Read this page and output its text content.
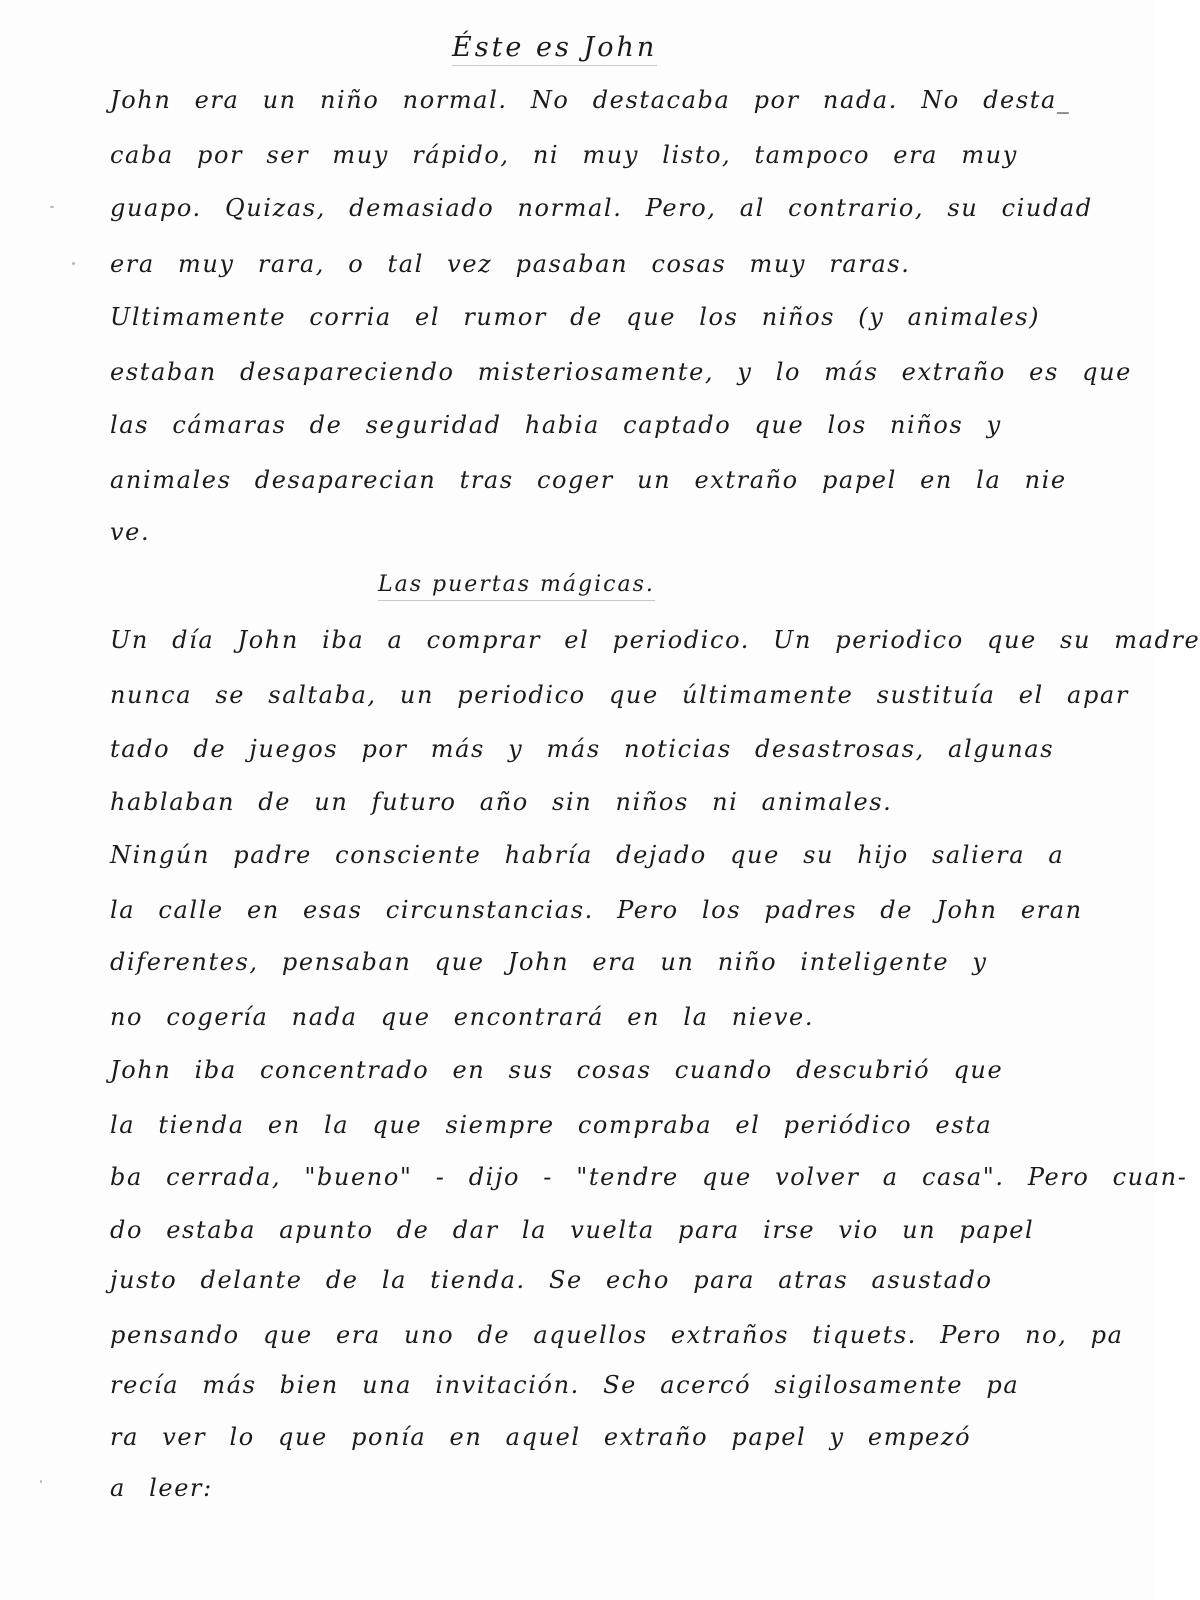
Éste es John
John era un niño normal. No destacaba por nada. No desta_
caba por ser muy rápido, ni muy listo, tampoco era muy
guapo. Quizas, demasiado normal. Pero, al contrario, su ciudad
era muy rara, o tal vez pasaban cosas muy raras.
Ultimamente corria el rumor de que los niños (y animales)
estaban desapareciendo misteriosamente, y lo más extraño es que
las cámaras de seguridad habia captado que los niños y
animales desaparecian tras coger un extraño papel en la nie
ve.
Las puertas mágicas.
Un día John iba a comprar el periodico. Un periodico que su madre
nunca se saltaba, un periodico que últimamente sustituía el apar
tado de juegos por más y más noticias desastrosas, algunas
hablaban de un futuro año sin niños ni animales.
Ningún padre consciente habría dejado que su hijo saliera a
la calle en esas circunstancias. Pero los padres de John eran
diferentes, pensaban que John era un niño inteligente y
no cogería nada que encontrará en la nieve.
John iba concentrado en sus cosas cuando descubrió que
la tienda en la que siempre compraba el periódico esta
ba cerrada, "bueno" - dijo - "tendre que volver a casa". Pero cuan-
do estaba apunto de dar la vuelta para irse vio un papel
justo delante de la tienda. Se echo para atras asustado
pensando que era uno de aquellos extraños tiquets. Pero no, pa
recía más bien una invitación. Se acercó sigilosamente pa
ra ver lo que ponía en aquel extraño papel y empezó
a leer:
